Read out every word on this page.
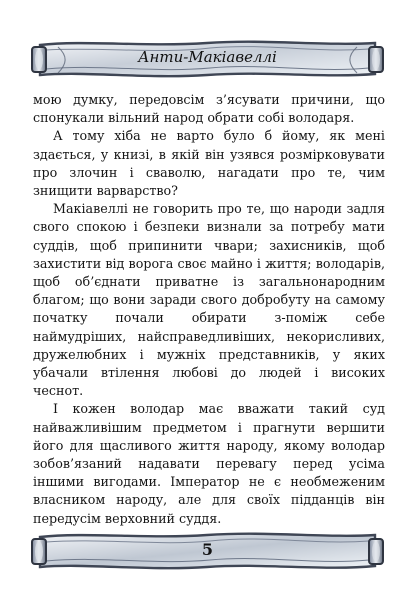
Анти-Макіавеллі

мою думку, передовсім з’ясувати причини, що спонукали вільний народ обрати собі володаря.

А тому хіба не варто було б йому, як мені здається, у книзі, в якій він узявся розмірковувати про злочин і сваволю, нагадати про те, чим знищити варварство?

Макіавеллі не говорить про те, що народи задля свого спокою і безпеки визнали за потребу мати суддів, щоб припинити чвари; захисників, щоб захистити від ворога своє майно і життя; володарів, щоб об’єднати приватне із загальнонародним благом; що вони заради свого добробуту на самому початку почали обирати з-поміж себе наймудріших, найсправедливіших, некорисливих, дружелюбних і мужніх представників, у яких убачали втілення любові до людей і високих чеснот.

І кожен володар має вважати такий суд найважливішим предметом і прагнути вершити його для щасливого життя народу, якому володар зобов’язаний надавати перевагу перед усіма іншими вигодами. Імператор не є необмеженим власником народу, але для своїх підданців він передусім верховний суддя.

5
